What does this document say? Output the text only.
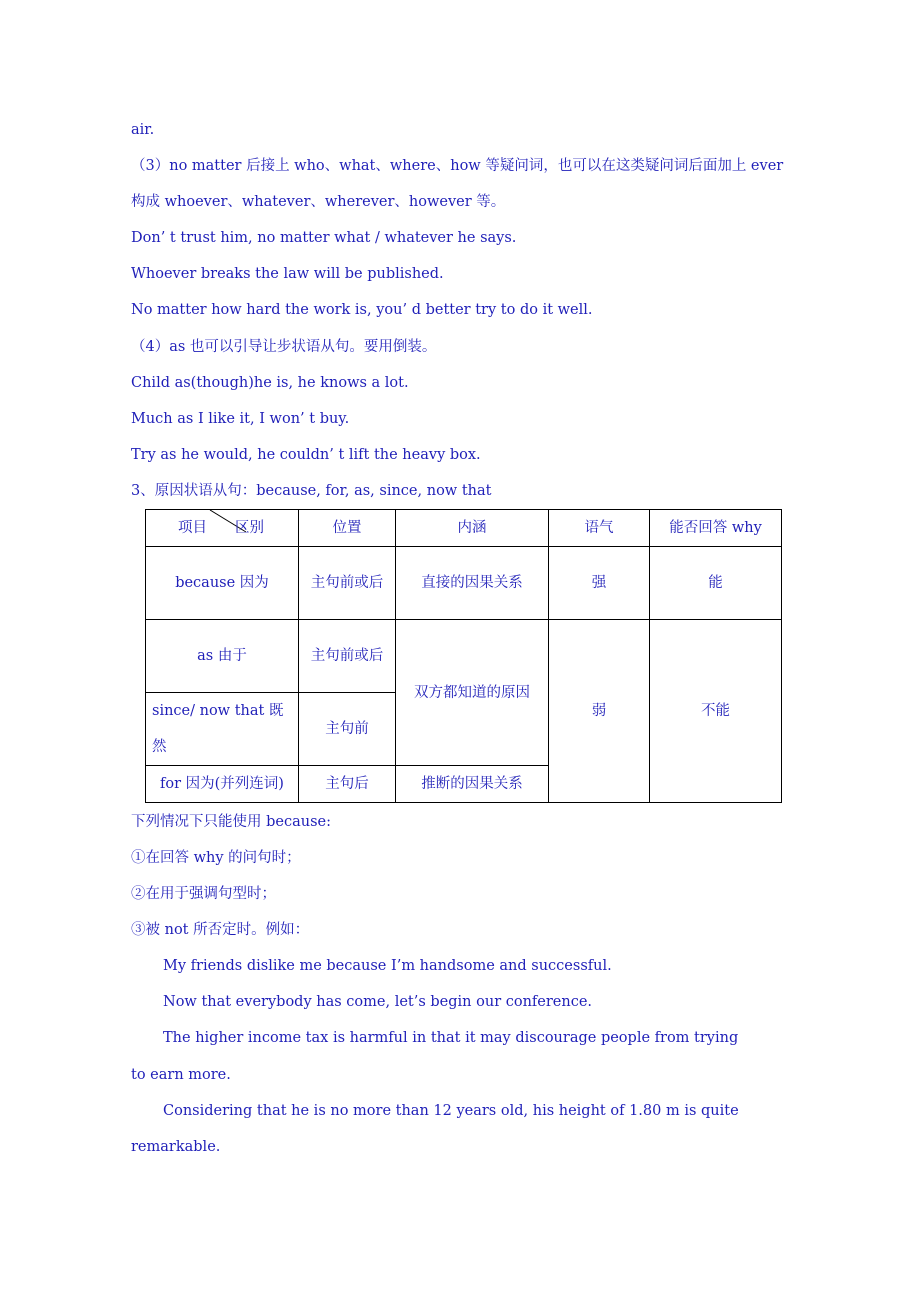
air.
（3）no matter 后接上 who、what、where、how 等疑问词，也可以在这类疑问词后面加上 ever
构成 whoever、whatever、wherever、however 等。
Don’ t trust him, no matter what / whatever he says.
Whoever breaks the law will be published.
No matter how hard the work is, you’ d better try to do it well.
（4）as 也可以引导让步状语从句。要用倒装。
Child as(though)he is, he knows a lot.
Much as I like it, I won’ t buy.
Try as he would, he couldn’ t lift the heavy box.
3、原因状语从句：because, for, as, since, now that
项目 区别	位置	内涵	语气	能否回答 why
because 因为	主句前或后	直接的因果关系	强	能
as 由于	主句前或后	双方都知道的原因	弱	不能

since/ now that 既然	主句前			
for 因为(并列连词)	主句后	推断的因果关系		
下列情况下只能使用 because:
①在回答 why 的问句时；
②在用于强调句型时；
③被 not 所否定时。例如：
My friends dislike me because I’m handsome and successful.
Now that everybody has come, let’s begin our conference.
The higher income tax is harmful in that it may discourage people from trying
to earn more.
Considering that he is no more than 12 years old, his height of 1.80 m is quite
remarkable.
